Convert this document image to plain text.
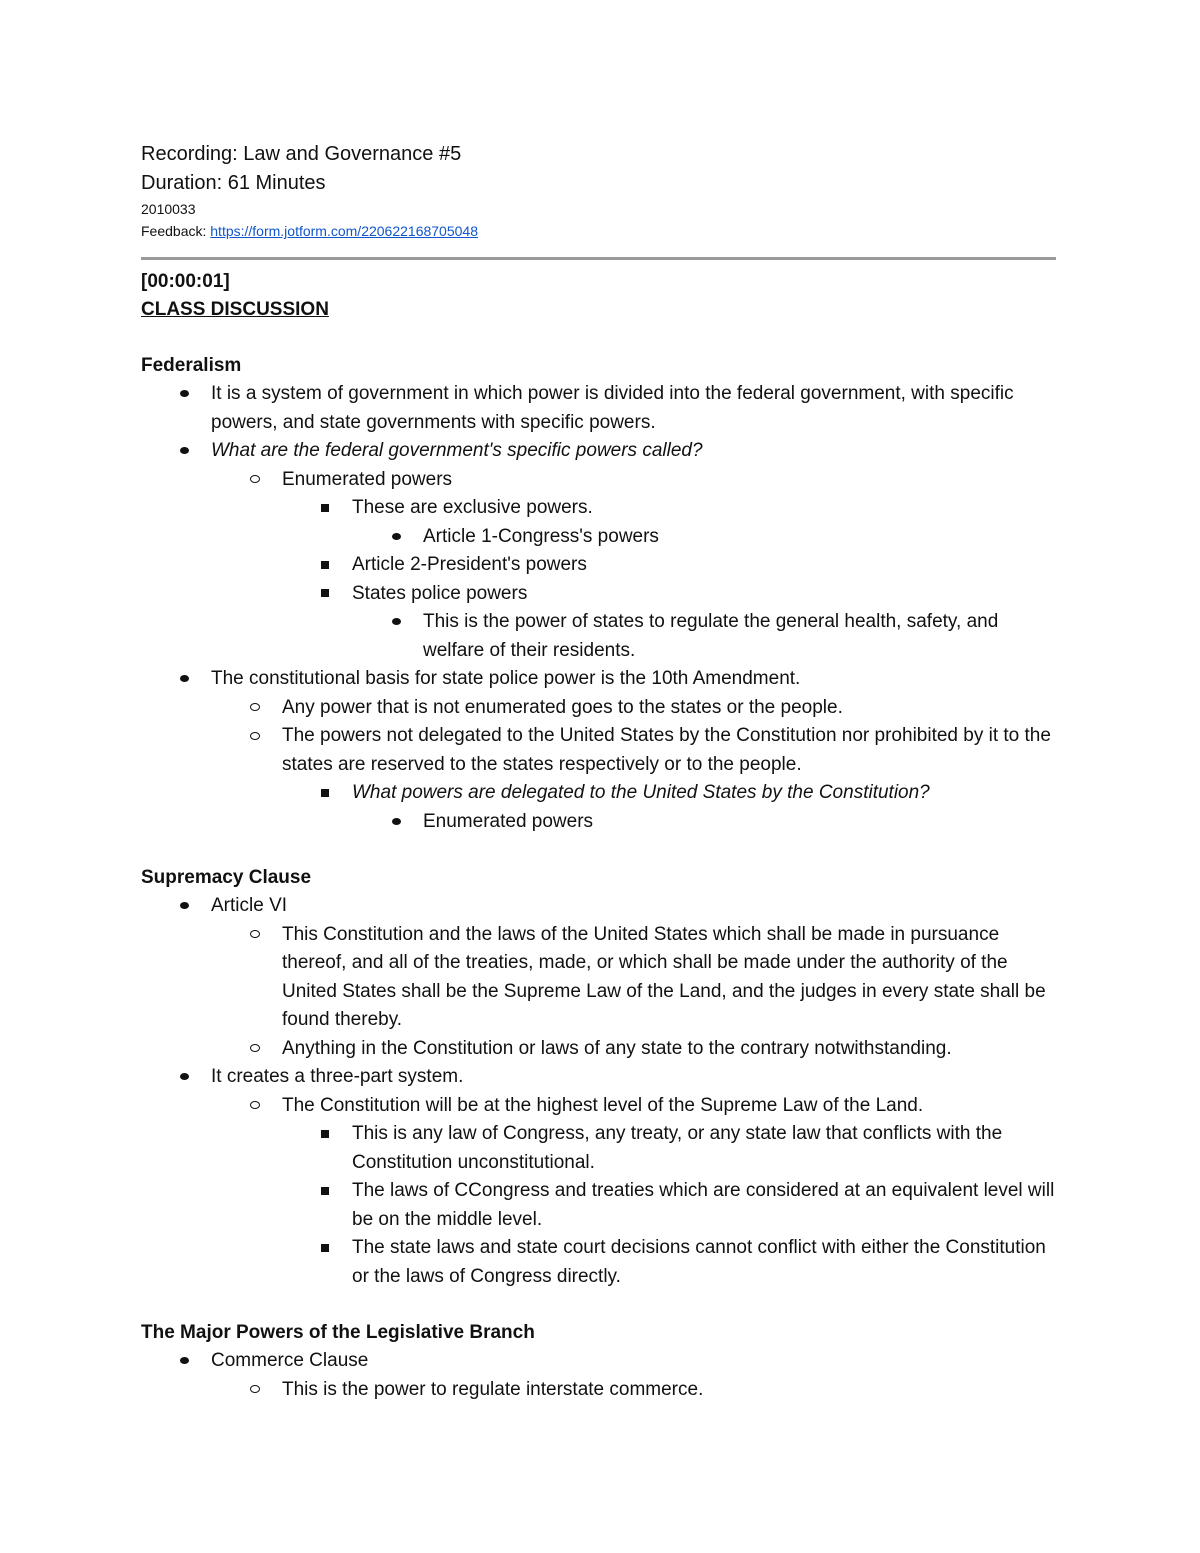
Recording: Law and Governance #5

Duration: 61 Minutes

2010033

Feedback: https://form.jotform.com/220622168705048

[00:00:01]

CLASS DISCUSSION

Federalism

It is a system of government in which power is divided into the federal government, with specific powers, and state governments with specific powers.
What are the federal government's specific powers called?
Enumerated powers
These are exclusive powers.
Article 1-Congress's powers
Article 2-President's powers
States police powers
This is the power of states to regulate the general health, safety, and welfare of their residents.
The constitutional basis for state police power is the 10th Amendment.
Any power that is not enumerated goes to the states or the people.
The powers not delegated to the United States by the Constitution nor prohibited by it to the states are reserved to the states respectively or to the people.
What powers are delegated to the United States by the Constitution?
Enumerated powers

Supremacy Clause

Article VI
This Constitution and the laws of the United States which shall be made in pursuance thereof, and all of the treaties, made, or which shall be made under the authority of the United States shall be the Supreme Law of the Land, and the judges in every state shall be found thereby.
Anything in the Constitution or laws of any state to the contrary notwithstanding.
It creates a three-part system.
The Constitution will be at the highest level of the Supreme Law of the Land.
This is any law of Congress, any treaty, or any state law that conflicts with the Constitution unconstitutional.
The laws of CCongress and treaties which are considered at an equivalent level will be on the middle level.
The state laws and state court decisions cannot conflict with either the Constitution or the laws of Congress directly.

The Major Powers of the Legislative Branch

Commerce Clause
This is the power to regulate interstate commerce.
